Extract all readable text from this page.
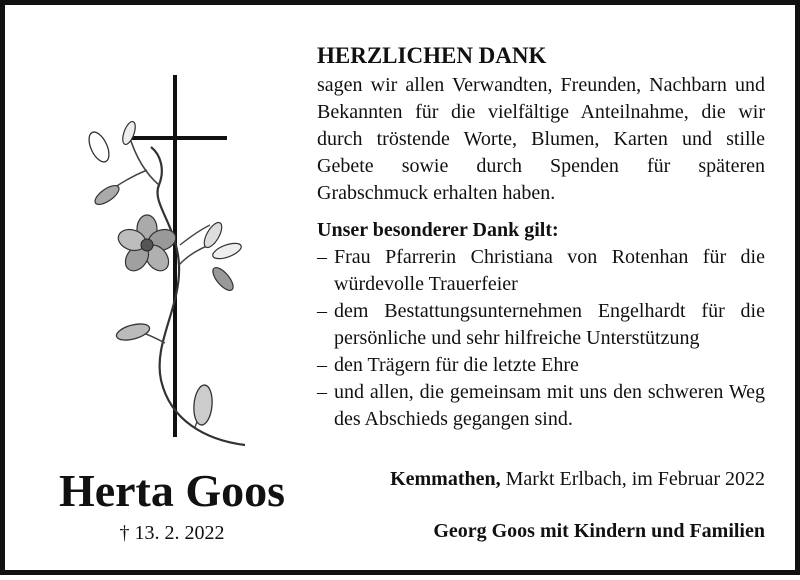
Herta Goos
† 13. 2. 2022
HERZLICHEN DANK

sagen wir allen Verwandten, Freunden, Nachbarn und Bekannten für die vielfältige Anteilnahme, die wir durch tröstende Worte, Blumen, Karten und stille Gebete sowie durch Spenden für späteren Grabschmuck erhalten haben.

Unser besonderer Dank gilt:
– Frau Pfarrerin Christiana von Rotenhan für die würdevolle Trauerfeier
– dem Bestattungsunternehmen Engelhardt für die persönliche und sehr hilfreiche Unterstützung
– den Trägern für die letzte Ehre
– und allen, die gemeinsam mit uns den schweren Weg des Abschieds gegangen sind.
Kemmathen, Markt Erlbach, im Februar 2022
Georg Goos mit Kindern und Familien
